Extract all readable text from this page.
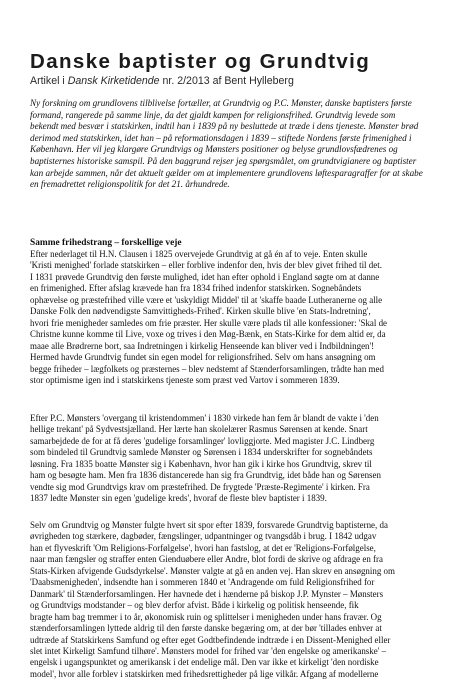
Danske baptister og Grundtvig
Artikel i Dansk Kirketidende nr. 2/2013 af Bent Hylleberg
Ny forskning om grundlovens tilblivelse fortæller, at Grundtvig og P.C. Mønster, danske baptisters første formand, rangerede på samme linje, da det gjaldt kampen for religionsfrihed. Grundtvig levede som bekendt med besvær i statskirken, indtil han i 1839 på ny besluttede at træde i dens tjeneste. Mønster brød derimod med statskirken, idet han – på reformationsdagen i 1839 – stiftede Nordens første frimenighed i København. Her vil jeg klargøre Grundtvigs og Mønsters positioner og belyse grundlovsfædrenes og baptisternes historiske samspil. På den baggrund rejser jeg spørgsmålet, om grundtvigianere og baptister kan arbejde sammen, når det aktuelt gælder om at implementere grundlovens løftesparagraffer for at skabe en fremadrettet religionspolitik for det 21. århundrede.
Samme frihedstrang – forskellige veje
Efter nederlaget til H.N. Clausen i 1825 overvejede Grundtvig at gå én af to veje. Enten skulle
'Kristi menighed' forlade statskirken – eller forblive indenfor den, hvis der blev givet frihed til det.
I 1831 prøvede Grundtvig den første mulighed, idet han efter ophold i England søgte om at danne
en frimenighed. Efter afslag krævede han fra 1834 frihed indenfor statskirken. Sognebåndets
ophævelse og præstefrihed ville være et 'uskyldigt Middel' til at 'skaffe baade Lutheranerne og alle
Danske Folk den nødvendigste Samvittigheds-Frihed'. Kirken skulle blive 'en Stats-Indretning',
hvori frie menigheder samledes om frie præster. Her skulle være plads til alle konfessioner: 'Skal de
Christne kunne komme til Live, voxe og trives i den Møg-Bænk, en Stats-Kirke for dem altid er, da
maae alle Brødrerne bort, saa Indretningen i kirkelig Henseende kan bliver ved i Indbildningen'!
Hermed havde Grundtvig fundet sin egen model for religionsfrihed. Selv om hans ansøgning om
begge friheder – lægfolkets og præsternes – blev nedstemt af Stænderforsamlingen, trådte han med
stor optimisme igen ind i statskirkens tjeneste som præst ved Vartov i sommeren 1839.
Efter P.C. Mønsters 'overgang til kristendommen' i 1830 virkede han fem år blandt de vakte i 'den
hellige trekant' på Sydvestsjælland. Her lærte han skolelærer Rasmus Sørensen at kende. Snart
samarbejdede de for at få deres 'gudelige forsamlinger' lovliggjorte. Med magister J.C. Lindberg
som bindeled til Grundtvig samlede Mønster og Sørensen i 1834 underskrifter for sognebåndets
løsning. Fra 1835 boatte Mønster sig i København, hvor han gik i kirke hos Grundtvig, skrev til
ham og besøgte ham. Men fra 1836 distancerede han sig fra Grundtvig, idet både han og Sørensen
vendte sig mod Grundtvigs krav om præstefrihed. De frygtede 'Præste-Regimente' i kirken. Fra
1837 ledte Mønster sin egen 'gudelige kreds', hvoraf de fleste blev baptister i 1839.
Selv om Grundtvig og Mønster fulgte hvert sit spor efter 1839, forsvarede Grundtvig baptisterne, da
øvrigheden tog stærkere, dagbøder, fængslinger, udpantninger og tvangsdåb i brug. I 1842 udgav
han et flyveskrift 'Om Religions-Forfølgelse', hvori han fastslog, at det er 'Religions-Forfølgelse,
naar man fængsler og straffer enten Gienduøbere eller Andre, blot fordi de skrive og afdrage en fra
Stats-Kirken afvigende Gudsdyrkelse'. Mønster valgte at gå en anden vej. Han skrev en ansøgning om
'Daabsmenigheden', indsendte han i sommeren 1840 et 'Andragende om fuld Religionsfrihed for
Danmark' til Stænderforsamlingen. Her havnede det i hænderne på biskop J.P. Mynster – Mønsters
og Grundtvigs modstander – og blev derfor afvist. Både i kirkelig og politisk henseende, fik
bragte ham bag tremmer i to år, økonomisk ruin og splittelser i menigheden under hans fravær. Og
stænderforsamlingen lyttede aldrig til den første danske begæring om, at der bør 'tillades enhver at
udtræde af Statskirkens Samfund og efter eget Godtbefindende indtræde i en Dissent-Menighed eller
slet intet Kirkeligt Samfund tilhøre'. Mønsters model for frihed var 'den engelske og amerikanske' –
engelsk i ugangspunktet og amerikansk i det endelige mål. Den var ikke et kirkeligt 'den nordiske
model', hvor alle forblev i statskirken med frihedsrettigheder på lige vilkår. Afgang af modellerne
